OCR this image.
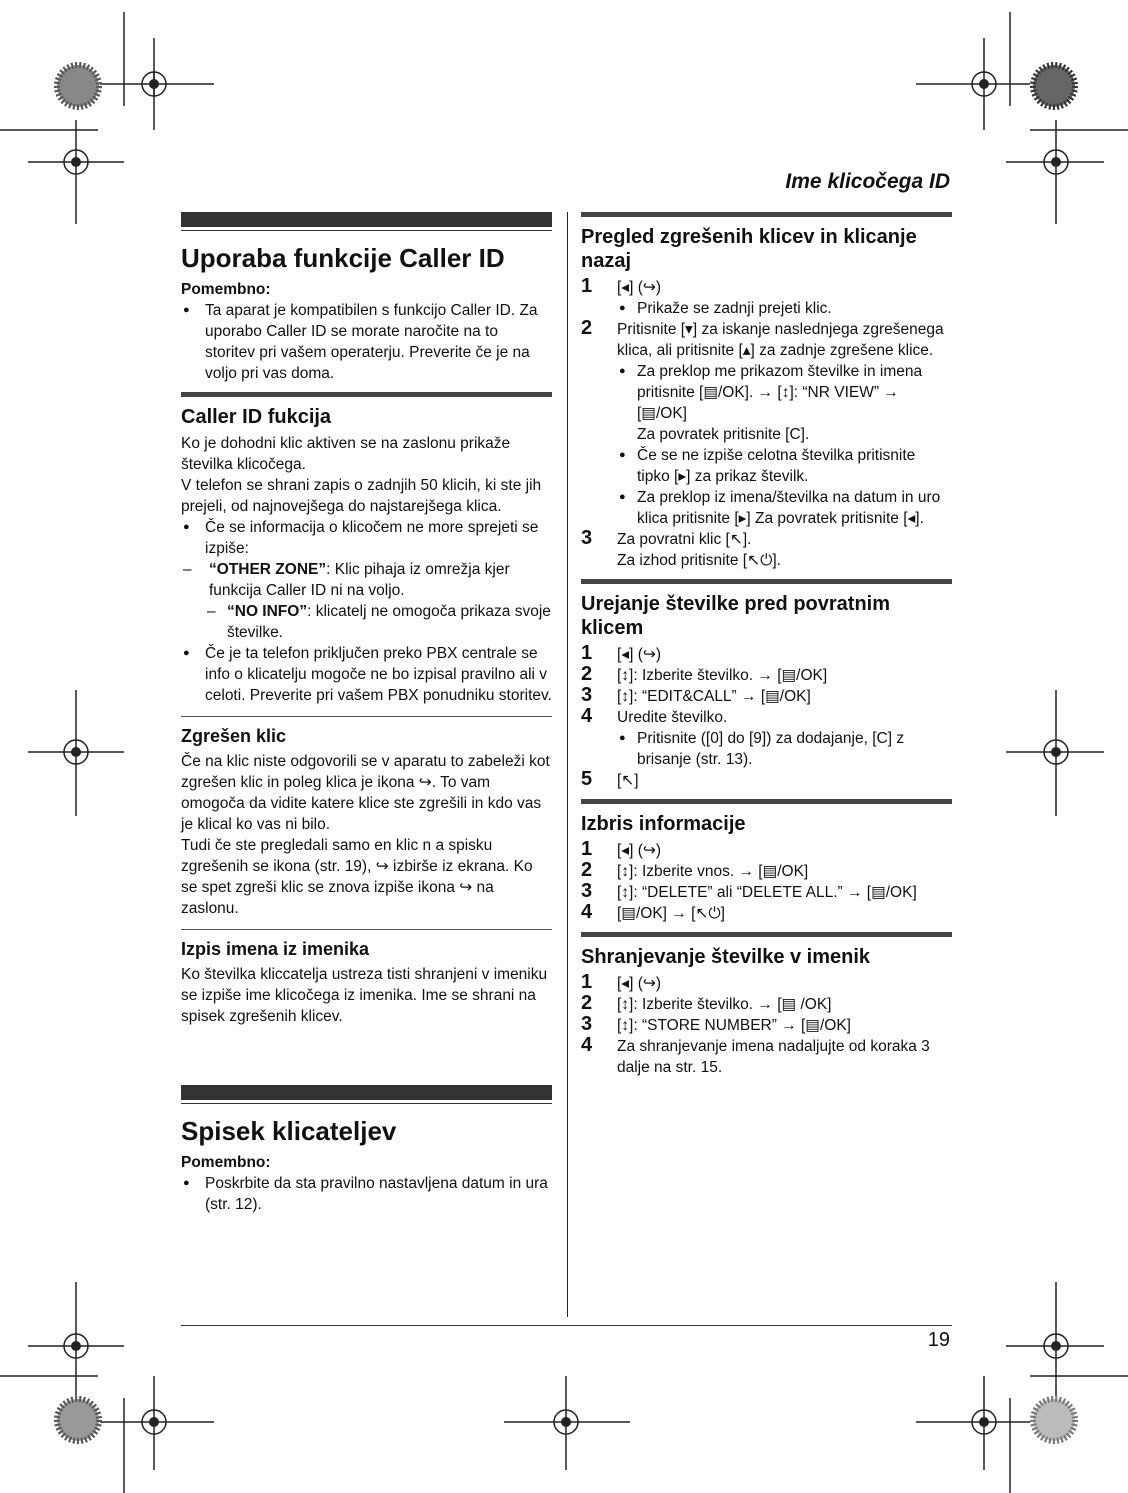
Ime klicočega ID
Uporaba funkcije Caller ID

Pomembno:

● Ta aparat je kompatibilen s funkcijo Caller ID. Za uporabo Caller ID se morate naročite na to storitev pri vašem operaterju. Preverite če je na voljo pri vas doma.

Caller ID fukcija

Ko je dohodni klic aktiven se na zaslonu prikaže številka klicočega.

V telefon se shrani zapis o zadnjih 50 klicih, ki ste jih prejeli, od najnovejšega do najstarejšega klica.

● Če se informacija o klicočem ne more sprejeti se izpiše:

– “OTHER ZONE”: Klic pihaja iz omrežja kjer funkcija Caller ID ni na voljo.

– “NO INFO”: klicatelj ne omogoča prikaza svoje številke.

● Če je ta telefon priključen preko PBX centrale se info o klicatelju mogoče ne bo izpisal pravilno ali v celoti. Preverite pri vašem PBX ponudniku storitev.

Zgrešen klic

Če na klic niste odgovorili se v aparatu to zabeleži kot zgrešen klic in poleg klica je ikona ↪. To vam omogoča da vidite katere klice ste zgrešili in kdo vas je klical ko vas ni bilo.

Tudi če ste pregledali samo en klic n a spisku zgrešenih se ikona (str. 19), ↪ izbirše iz ekrana. Ko se spet zgreši klic se znova izpiše ikona ↪ na zaslonu.

Izpis imena iz imenika

Ko številka kliccatelja ustreza tisti shranjeni v imeniku se izpiše ime klicočega iz imenika. Ime se shrani na spisek zgrešenih klicev.

Spisek klicateljev

Pomembno:

● Poskrbite da sta pravilno nastavljena datum in ura (str. 12).

Pregled zgrešenih klicev in klicanje nazaj
1 [◂] (↪)

● Prikaže se zadnji prejeti klic.

2 Pritisnite [▾] za iskanje naslednjega zgrešenega klica, ali pritisnite [▴] za zadnje zgrešene klice.

● Za preklop me prikazom številke in imena pritisnite [▤/OK]. → [↕]: “NR VIEW” → [▤/OK]

Za povratek pritisnite [C].

● Če se ne izpiše celotna številka pritisnite tipko [▸] za prikaz številk.

● Za preklop iz imena/številka na datum in uro klica pritisnite [▸] Za povratek pritisnite [◂].

3 Za povratni klic [↖].

Za izhod pritisnite [↖⏻].

Urejanje številke pred povratnim klicem
1 [◂] (↪)

2 [↕]: Izberite številko. → [▤/OK]

3 [↕]: “EDIT&CALL” → [▤/OK]

4 Uredite številko.

● Pritisnite ([0] do [9]) za dodajanje, [C] z brisanje (str. 13).

5 [↖]

Izbris informacije
1 [◂] (↪)

2 [↕]: Izberite vnos. → [▤/OK]

3 [↕]: “DELETE” ali “DELETE ALL.” → [▤/OK]

4 [▤/OK] → [↖⏻]

Shranjevanje številke v imenik
1 [◂] (↪)

2 [↕]: Izberite številko. → [▤ /OK]

3 [↕]: “STORE NUMBER” → [▤/OK]

4 Za shranjevanje imena nadaljujte od koraka 3 dalje na str. 15.

19
